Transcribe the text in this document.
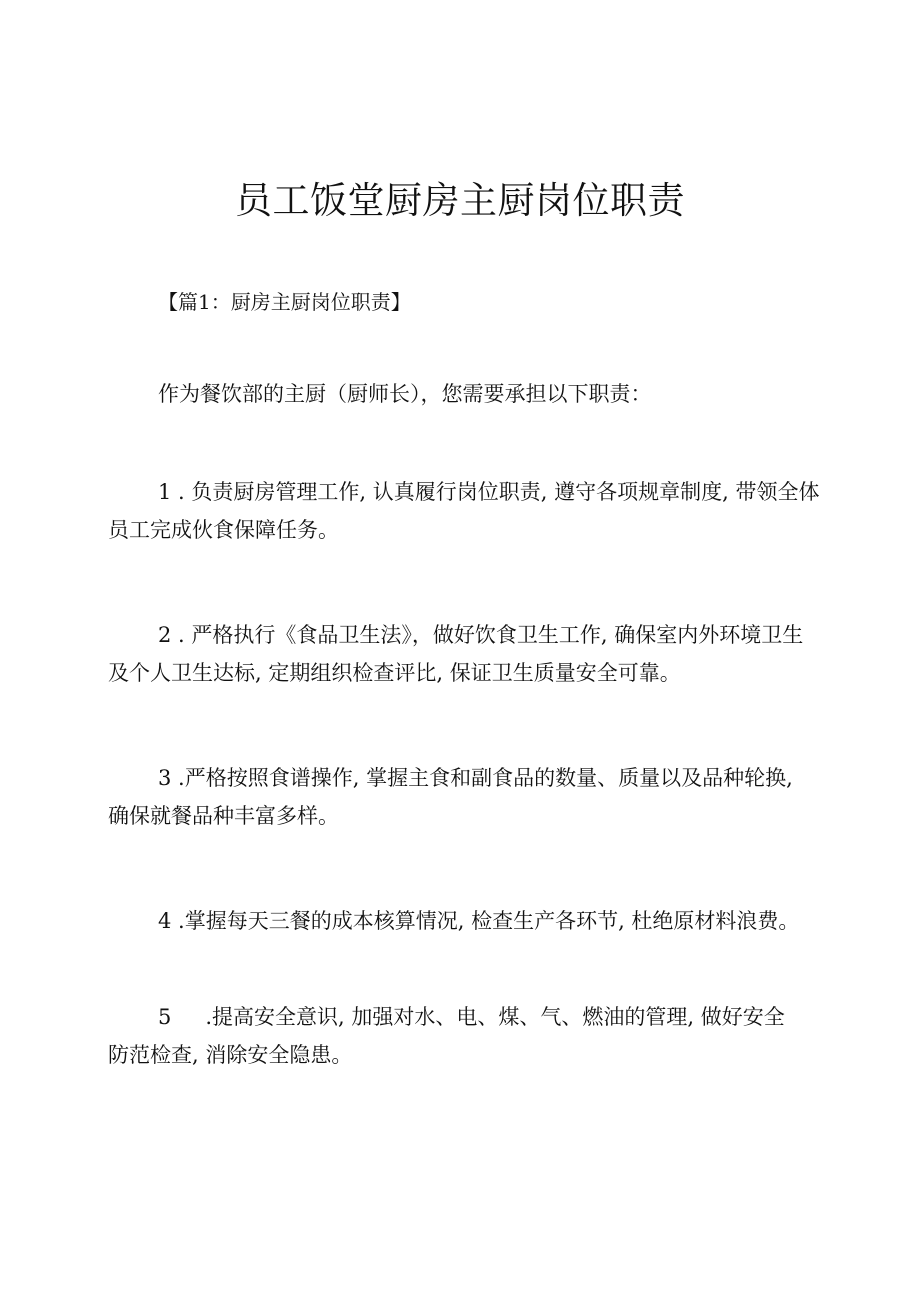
员工饭堂厨房主厨岗位职责

【篇1：厨房主厨岗位职责】

作为餐饮部的主厨（厨师长），您需要承担以下职责：

1 . 负责厨房管理工作, 认真履行岗位职责, 遵守各项规章制度, 带领全体员工完成伙食保障任务。

2 . 严格执行《食品卫生法》，做好饮食卫生工作, 确保室内外环境卫生及个人卫生达标, 定期组织检查评比, 保证卫生质量安全可靠。

3 .严格按照食谱操作, 掌握主食和副食品的数量、质量以及品种轮换, 确保就餐品种丰富多样。

4 .掌握每天三餐的成本核算情况, 检查生产各环节, 杜绝原材料浪费。

5 .提高安全意识, 加强对水、电、煤、气、燃油的管理, 做好安全防范检查, 消除安全隐患。
